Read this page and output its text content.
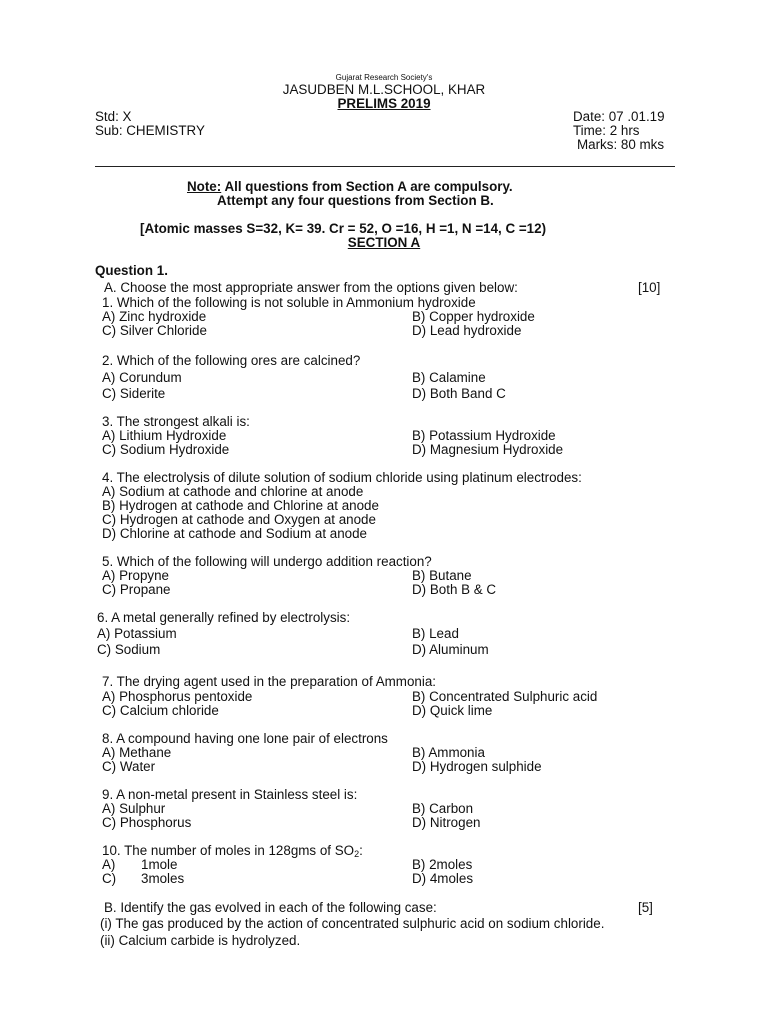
Gujarat Research Society's
JASUDBEN M.L.SCHOOL, KHAR
PRELIMS 2019
Std: X
Sub: CHEMISTRY
Date: 07 .01.19
Time: 2 hrs
Marks: 80 mks
Note: All questions from Section A are compulsory.
Attempt any four questions from Section B.
[Atomic masses S=32, K= 39. Cr = 52, O =16, H =1, N =14, C =12)
SECTION A
Question 1.
A. Choose the most appropriate answer from the options given below:	[10]
1. Which of the following is not soluble in Ammonium hydroxide
A) Zinc hydroxide	B) Copper hydroxide
C) Silver Chloride	D) Lead hydroxide
2. Which of the following ores are calcined?
A) Corundum	B) Calamine
C) Siderite	D) Both Band C
3. The strongest alkali is:
A) Lithium Hydroxide	B) Potassium Hydroxide
C) Sodium Hydroxide	D) Magnesium Hydroxide
4. The electrolysis of dilute solution of sodium chloride using platinum electrodes:
A) Sodium at cathode and chlorine at anode
B) Hydrogen at cathode and Chlorine at anode
C) Hydrogen at cathode and Oxygen at anode
D) Chlorine at cathode and Sodium at anode
5. Which of the following will undergo addition reaction?
A) Propyne	B) Butane
C) Propane	D) Both B & C
6. A metal generally refined by electrolysis:
A) Potassium	B) Lead
C) Sodium	D) Aluminum
7. The drying agent used in the preparation of Ammonia:
A) Phosphorus pentoxide	B) Concentrated Sulphuric acid
C) Calcium chloride	D) Quick lime
8. A compound having one lone pair of electrons
A) Methane	B) Ammonia
C) Water	D) Hydrogen sulphide
9. A non-metal present in Stainless steel is:
A) Sulphur	B) Carbon
C) Phosphorus	D) Nitrogen
10. The number of moles in 128gms of $SO_2$:
A) 1mole	B) 2moles
C) 3moles	D) 4moles
B. Identify the gas evolved in each of the following case:	[5]
(i) The gas produced by the action of concentrated sulphuric acid on sodium chloride.
(ii) Calcium carbide is hydrolyzed.
